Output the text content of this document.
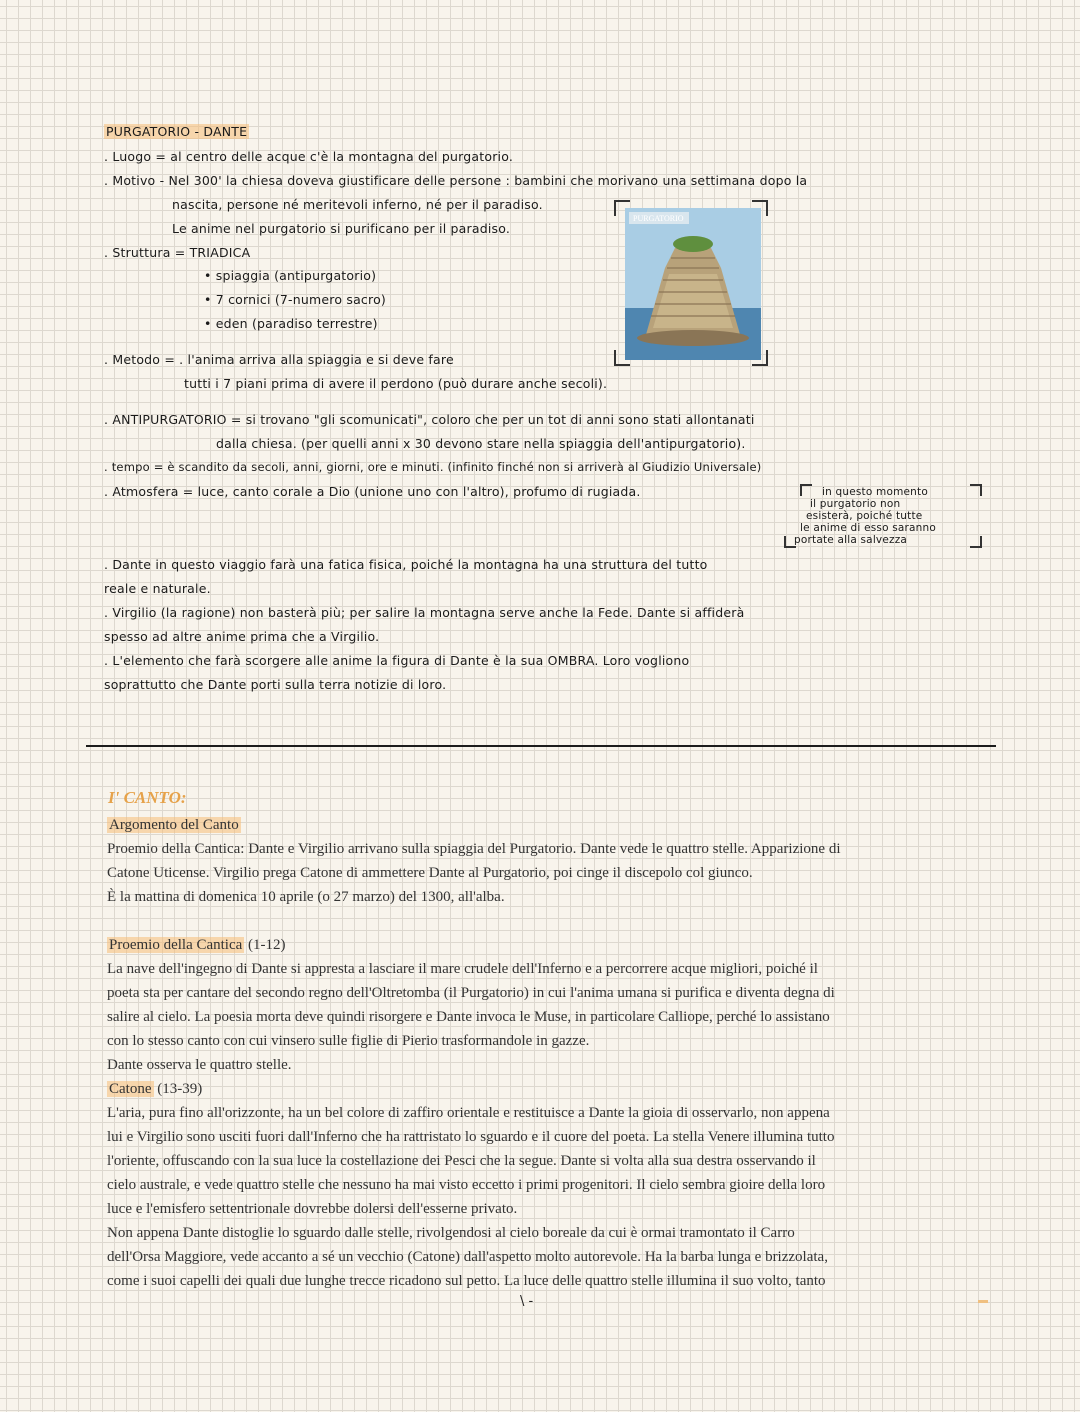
PURGATORIO - DANTE
. Luogo = al centro delle acque c'è la montagna del purgatorio.
. Motivo - Nel 300' la chiesa doveva giustificare delle persone : bambini che morivano una settimana dopo la
nascita, persone né meritevoli inferno, né per il paradiso.
Le anime nel purgatorio si purificano per il paradiso.
. Struttura = TRIADICA
• spiaggia (antipurgatorio)
• 7 cornici (7-numero sacro)
• eden (paradiso terrestre)
. Metodo = . l'anima arriva alla spiaggia e si deve fare
tutti i 7 piani prima di avere il perdono (può durare anche secoli).
. ANTIPURGATORIO = si trovano "gli scomunicati", coloro che per un tot di anni sono stati allontanati
dalla chiesa. (per quelli anni x 30 devono stare nella spiaggia dell'antipurgatorio).
. tempo = è scandito da secoli, anni, giorni, ore e minuti. (infinito finché non si arriverà al Giudizio Universale)
. Atmosfera = luce, canto corale a Dio (unione uno con l'altro), profumo di rugiada.	in questo momento
il purgatorio non
esisterà, poiché tutte
le anime di esso saranno
portate alla salvezza
. Dante in questo viaggio farà una fatica fisica, poiché la montagna ha una struttura del tutto
reale e naturale.
. Virgilio (la ragione) non basterà più; per salire la montagna serve anche la Fede. Dante si affiderà
spesso ad altre anime prima che a Virgilio.
. L'elemento che farà scorgere alle anime la figura di Dante è la sua OMBRA. Loro vogliono
soprattutto che Dante porti sulla terra notizie di loro.
PURGATORIO
I' CANTO:
Argomento del Canto
Proemio della Cantica: Dante e Virgilio arrivano sulla spiaggia del Purgatorio. Dante vede le quattro stelle. Apparizione di
Catone Uticense. Virgilio prega Catone di ammettere Dante al Purgatorio, poi cinge il discepolo col giunco.
È la mattina di domenica 10 aprile (o 27 marzo) del 1300, all'alba.
Proemio della Cantica (1-12)
La nave dell'ingegno di Dante si appresta a lasciare il mare crudele dell'Inferno e a percorrere acque migliori, poiché il
poeta sta per cantare del secondo regno dell'Oltretomba (il Purgatorio) in cui l'anima umana si purifica e diventa degna di
salire al cielo. La poesia morta deve quindi risorgere e Dante invoca le Muse, in particolare Calliope, perché lo assistano
con lo stesso canto con cui vinsero sulle figlie di Pierio trasformandole in gazze.
Dante osserva le quattro stelle.
Catone (13-39)
L'aria, pura fino all'orizzonte, ha un bel colore di zaffiro orientale e restituisce a Dante la gioia di osservarlo, non appena
lui e Virgilio sono usciti fuori dall'Inferno che ha rattristato lo sguardo e il cuore del poeta. La stella Venere illumina tutto
l'oriente, offuscando con la sua luce la costellazione dei Pesci che la segue. Dante si volta alla sua destra osservando il
cielo australe, e vede quattro stelle che nessuno ha mai visto eccetto i primi progenitori. Il cielo sembra gioire della loro
luce e l'emisfero settentrionale dovrebbe dolersi dell'esserne privato.
Non appena Dante distoglie lo sguardo dalle stelle, rivolgendosi al cielo boreale da cui è ormai tramontato il Carro
dell'Orsa Maggiore, vede accanto a sé un vecchio (Catone) dall'aspetto molto autorevole. Ha la barba lunga e brizzolata,
come i suoi capelli dei quali due lunghe trecce ricadono sul petto. La luce delle quattro stelle illumina il suo volto, tanto
\ -
